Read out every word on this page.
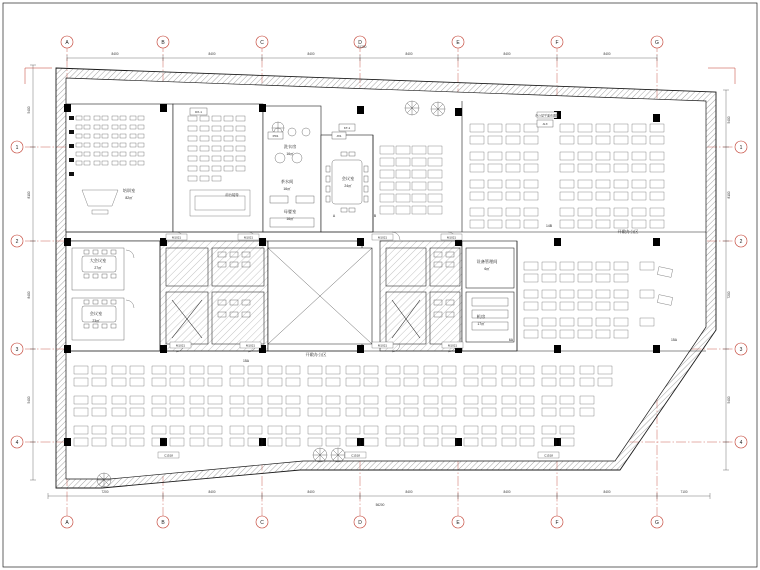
A	B	C	D	E	F	G
A	B	C	D	E	F	G
1
2
3
4
1
2
3
4
8400	8400	8400	8400	8400	8400
61200
7200	8400	8400	8400	8400	8400	7100
56200
5400
8100
8400
5400
5400
8100
7200
5400
DX-1
PD1	JX1
KT-1
JLX
办公层平面布置图
M1021	M1021	M1021	M1021
M1021	M1021	M1021	M1021
C1518	C1518	C1518
培训室
82㎡
洗衣房
16㎡
茶水间
16㎡
母婴室
16㎡
会议室
24㎡
开敞办公区
开敞办公区
大会议室
27㎡
会议室
23㎡
设备管理间
6㎡
机房
17㎡
前台接待
15A
14B
15A
6A
A	B
